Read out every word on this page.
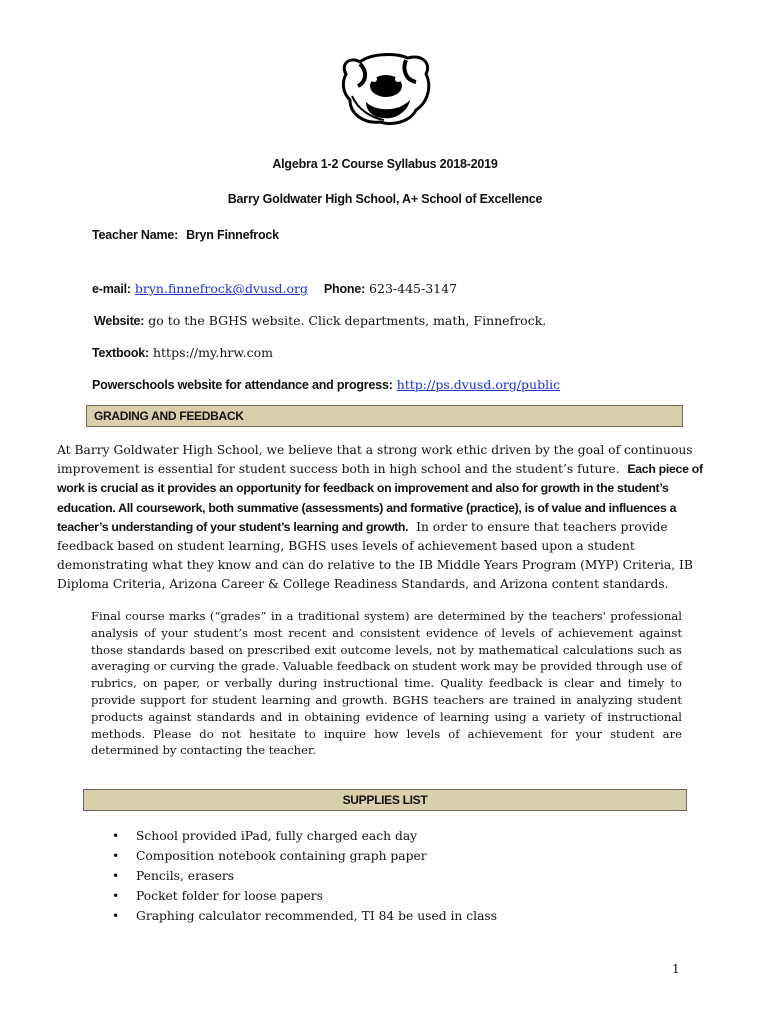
Algebra 1-2 Course Syllabus 2018-2019
Barry Goldwater High School, A+ School of Excellence
Teacher Name: Bryn Finnefrock
e-mail: bryn.finnefrock@dvusd.org Phone: 623-445-3147
Website: go to the BGHS website. Click departments, math, Finnefrock.
Textbook: https://my.hrw.com
Powerschools website for attendance and progress: http://ps.dvusd.org/public
GRADING AND FEEDBACK
At Barry Goldwater High School, we believe that a strong work ethic driven by the goal of continuous improvement is essential for student success both in high school and the student’s future. Each piece of work is crucial as it provides an opportunity for feedback on improvement and also for growth in the student’s education. All coursework, both summative (assessments) and formative (practice), is of value and influences a teacher’s understanding of your student’s learning and growth. In order to ensure that teachers provide feedback based on student learning, BGHS uses levels of achievement based upon a student demonstrating what they know and can do relative to the IB Middle Years Program (MYP) Criteria, IB Diploma Criteria, Arizona Career & College Readiness Standards, and Arizona content standards.
Final course marks (“grades” in a traditional system) are determined by the teachers' professional analysis of your student’s most recent and consistent evidence of levels of achievement against those standards based on prescribed exit outcome levels, not by mathematical calculations such as averaging or curving the grade. Valuable feedback on student work may be provided through use of rubrics, on paper, or verbally during instructional time. Quality feedback is clear and timely to provide support for student learning and growth. BGHS teachers are trained in analyzing student products against standards and in obtaining evidence of learning using a variety of instructional methods. Please do not hesitate to inquire how levels of achievement for your student are determined by contacting the teacher.
SUPPLIES LIST
• School provided iPad, fully charged each day
• Composition notebook containing graph paper
• Pencils, erasers
• Pocket folder for loose papers
• Graphing calculator recommended, TI 84 be used in class
1
